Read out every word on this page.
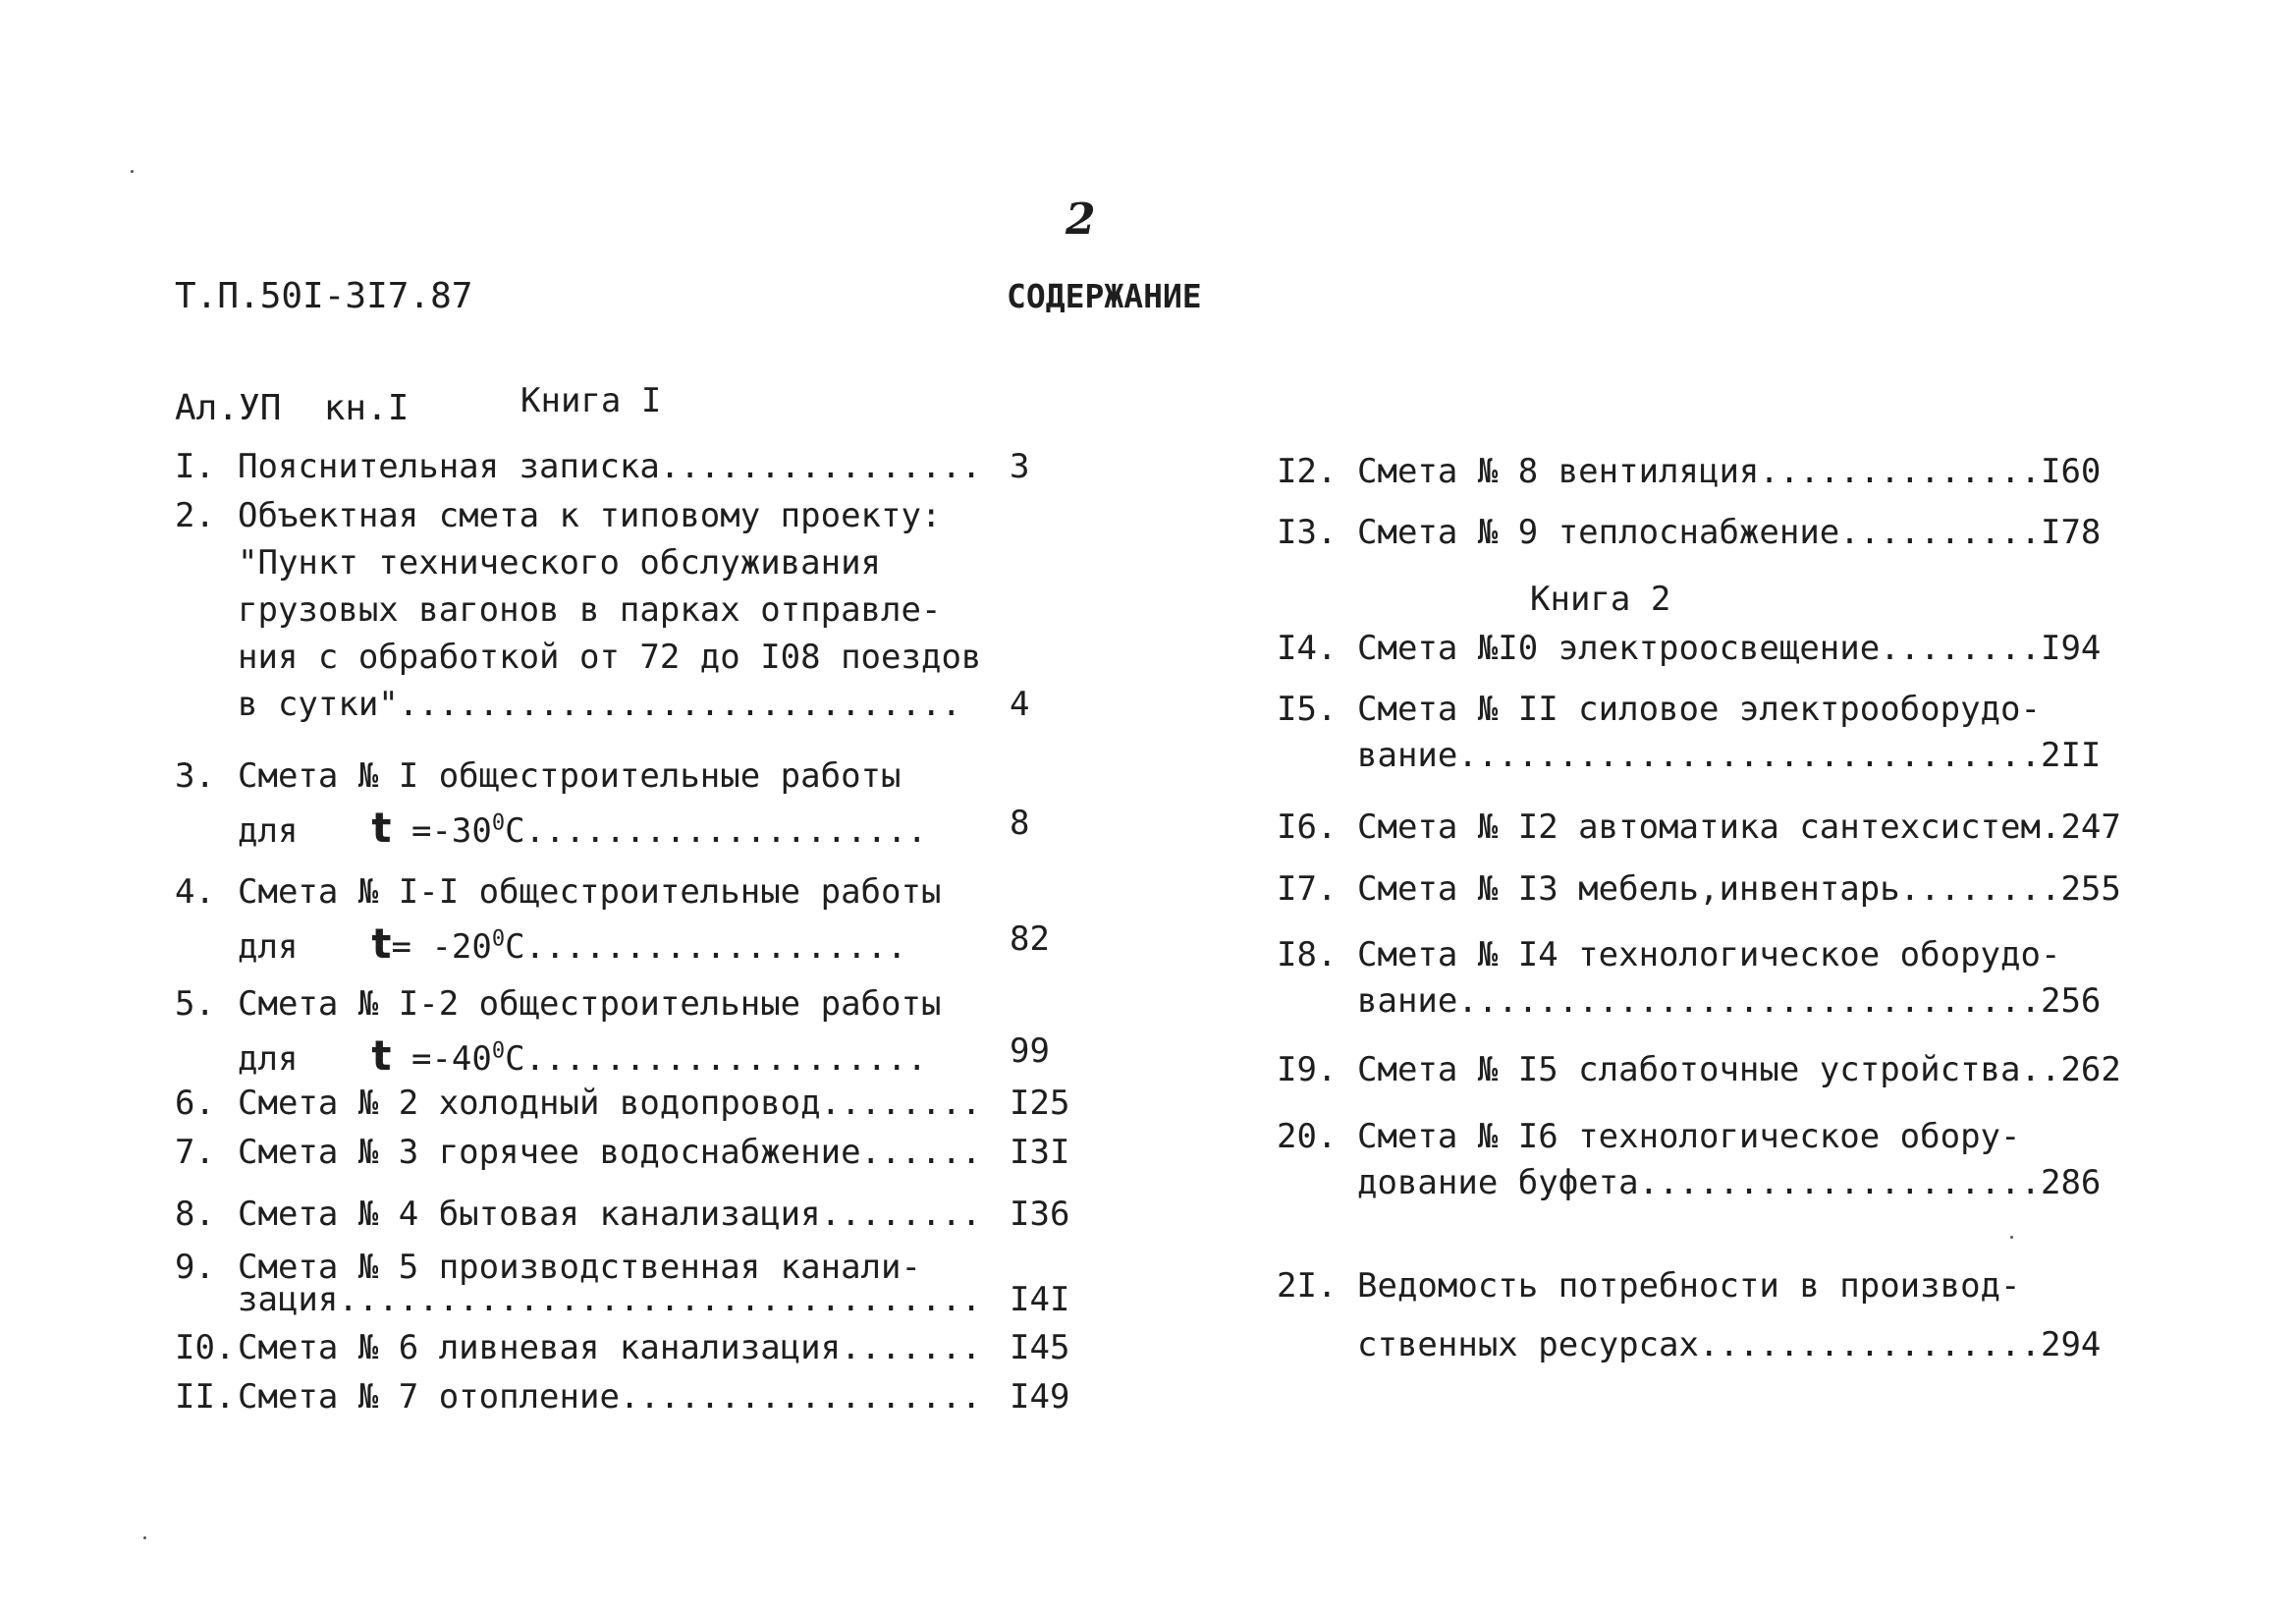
Т.П.50I-3I7.87

Ал.УП  кн.I

2
СОДЕРЖАНИЕ
Книга I
Книга 2
I. Пояснительная записка................ 3
2. Объектная смета к типовому проекту:
"Пункт технического обслуживания
грузовых вагонов в парках отправле-
ния с обработкой от 72 до I08 поездов
в сутки"............................ 4
3. Смета № I общестроительные работы
для $t =-30^0С$.................... 8
4. Смета № I-I общестроительные работы
для $t= -20^0С$...................	82
5. Смета № I-2 общестроительные работы
для $t =-40^0С$.................... 99
6. Смета № 2 холодный водопровод........ I25
7. Смета № 3 горячее водоснабжение...... I3I
8. Смета № 4 бытовая канализация........ I36
9. Смета № 5 производственная канали-
зация................................ I4I
I0. Смета № 6 ливневая канализация....... I45
II. Смета № 7 отопление.................. I49
I2. Смета № 8 вентиляция..............I60
I3. Смета № 9 теплоснабжение..........I78
I4. Смета №I0 электроосвещение........I94
I5. Смета № II силовое электрооборудо-
вание.............................2II
I6. Смета № I2 автоматика сантехсистем.247
I7. Смета № I3 мебель,инвентарь........255
I8. Смета № I4 технологическое оборудо-
вание.............................256
I9. Смета № I5 слаботочные устройства..262
20. Смета № I6 технологическое обору-
дование буфета....................286
2I. Ведомость потребности в производ-
ственных ресурсах.................294
